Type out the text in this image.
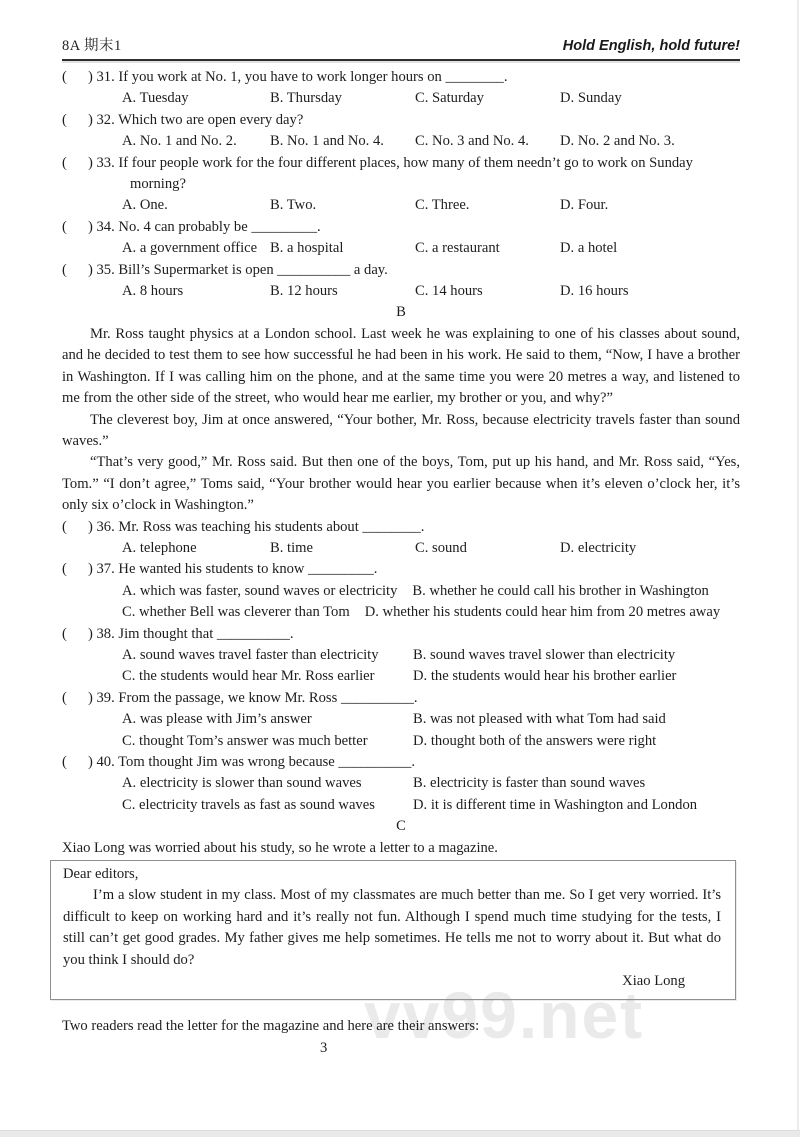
vv99.net
8A 期末1	Hold English, hold future!
( ) 31. If you work at No. 1, you have to work longer hours on ________.
A. Tuesday	B. Thursday	C. Saturday	D. Sunday
( ) 32. Which two are open every day?
A. No. 1 and No. 2.	B. No. 1 and No. 4.	C. No. 3 and No. 4.	D. No. 2 and No. 3.
( ) 33. If four people work for the four different places, how many of them needn’t go to work on Sunday
morning?
A. One.	B. Two.	C. Three.	D. Four.
( ) 34. No. 4 can probably be _________.
A. a government office B. a hospital	C. a restaurant	D. a hotel
( ) 35. Bill’s Supermarket is open __________ a day.
A. 8 hours	B. 12 hours	C. 14 hours	D. 16 hours
B

Mr. Ross taught physics at a London school. Last week he was explaining to one of his classes about sound, and he decided to test them to see how successful he had been in his work. He said to them, “Now, I have a brother in Washington. If I was calling him on the phone, and at the same time you were 20 metres a way, and listened to me from the other side of the street, who would hear me earlier, my brother or you, and why?”

The cleverest boy, Jim at once answered, “Your bother, Mr. Ross, because electricity travels faster than sound waves.”

“That’s very good,” Mr. Ross said. But then one of the boys, Tom, put up his hand, and Mr. Ross said, “Yes, Tom.” “I don’t agree,” Toms said, “Your brother would hear you earlier because when it’s eleven o’clock her, it’s only six o’clock in Washington.”

( ) 36. Mr. Ross was teaching his students about ________.
A. telephone	B. time	C. sound	D. electricity
( ) 37. He wanted his students to know _________.
A. which was faster, sound waves or electricity B. whether he could call his brother in Washington
C. whether Bell was cleverer than Tom D. whether his students could hear him from 20 metres away
( ) 38. Jim thought that __________.
A. sound waves travel faster than electricity	B. sound waves travel slower than electricity
C. the students would hear Mr. Ross earlier	D. the students would hear his brother earlier
( ) 39. From the passage, we know Mr. Ross __________.
A. was please with Jim’s answer	B. was not pleased with what Tom had said
C. thought Tom’s answer was much better	D. thought both of the answers were right
( ) 40. Tom thought Jim was wrong because __________.
A. electricity is slower than sound waves	B. electricity is faster than sound waves
C. electricity travels as fast as sound waves	D. it is different time in Washington and London
C
Xiao Long was worried about his study, so he wrote a letter to a magazine.
Dear editors,

I’m a slow student in my class. Most of my classmates are much better than me. So I get very worried. It’s difficult to keep on working hard and it’s really not fun. Although I spend much time studying for the tests, I still can’t get good grades. My father gives me help sometimes. He tells me not to worry about it. But what do you think I should do?

Xiao Long
Two readers read the letter for the magazine and here are their answers:
3
